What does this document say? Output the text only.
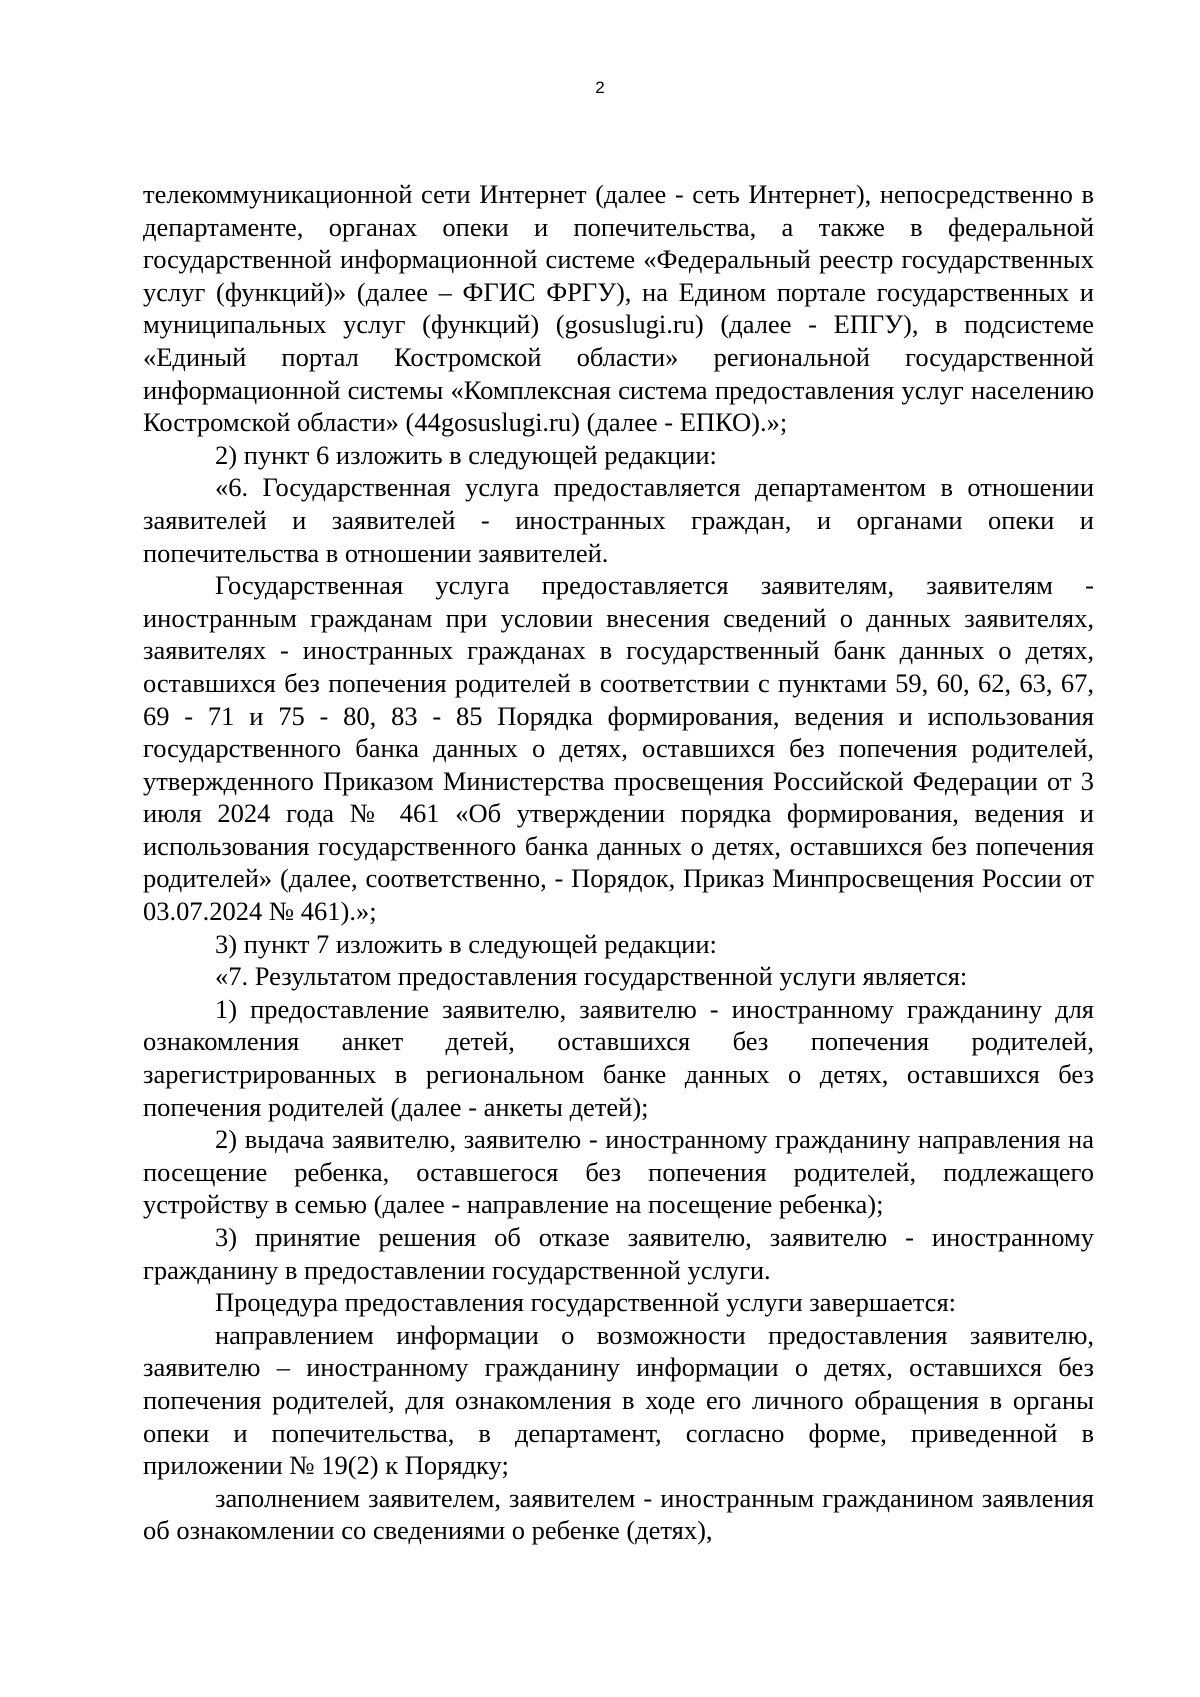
2

телекоммуникационной сети Интернет (далее - сеть Интернет), непосредственно в департаменте, органах опеки и попечительства, а также в федеральной государственной информационной системе «Федеральный реестр государственных услуг (функций)» (далее – ФГИС ФРГУ), на Едином портале государственных и муниципальных услуг (функций) (gosuslugi.ru) (далее - ЕПГУ), в подсистеме «Единый портал Костромской области» региональной государственной информационной системы «Комплексная система предоставления услуг населению Костромской области» (44gosuslugi.ru) (далее - ЕПКО).»;

2) пункт 6 изложить в следующей редакции:

«6. Государственная услуга предоставляется департаментом в отношении заявителей и заявителей - иностранных граждан, и органами опеки и попечительства в отношении заявителей.

Государственная услуга предоставляется заявителям, заявителям - иностранным гражданам при условии внесения сведений о данных заявителях, заявителях - иностранных гражданах в государственный банк данных о детях, оставшихся без попечения родителей в соответствии с пунктами 59, 60, 62, 63, 67, 69 - 71 и 75 - 80, 83 - 85 Порядка формирования, ведения и использования государственного банка данных о детях, оставшихся без попечения родителей, утвержденного Приказом Министерства просвещения Российской Федерации от 3 июля 2024 года № 461 «Об утверждении порядка формирования, ведения и использования государственного банка данных о детях, оставшихся без попечения родителей» (далее, соответственно, - Порядок, Приказ Минпросвещения России от 03.07.2024 № 461).»;

3) пункт 7 изложить в следующей редакции:

«7. Результатом предоставления государственной услуги является:

1) предоставление заявителю, заявителю - иностранному гражданину для ознакомления анкет детей, оставшихся без попечения родителей, зарегистрированных в региональном банке данных о детях, оставшихся без попечения родителей (далее - анкеты детей);

2) выдача заявителю, заявителю - иностранному гражданину направления на посещение ребенка, оставшегося без попечения родителей, подлежащего устройству в семью (далее - направление на посещение ребенка);

3) принятие решения об отказе заявителю, заявителю - иностранному гражданину в предоставлении государственной услуги.

Процедура предоставления государственной услуги завершается:

направлением информации о возможности предоставления заявителю, заявителю – иностранному гражданину информации о детях, оставшихся без попечения родителей, для ознакомления в ходе его личного обращения в органы опеки и попечительства, в департамент, согласно форме, приведенной в приложении № 19(2) к Порядку;

заполнением заявителем, заявителем - иностранным гражданином заявления об ознакомлении со сведениями о ребенке (детях),
